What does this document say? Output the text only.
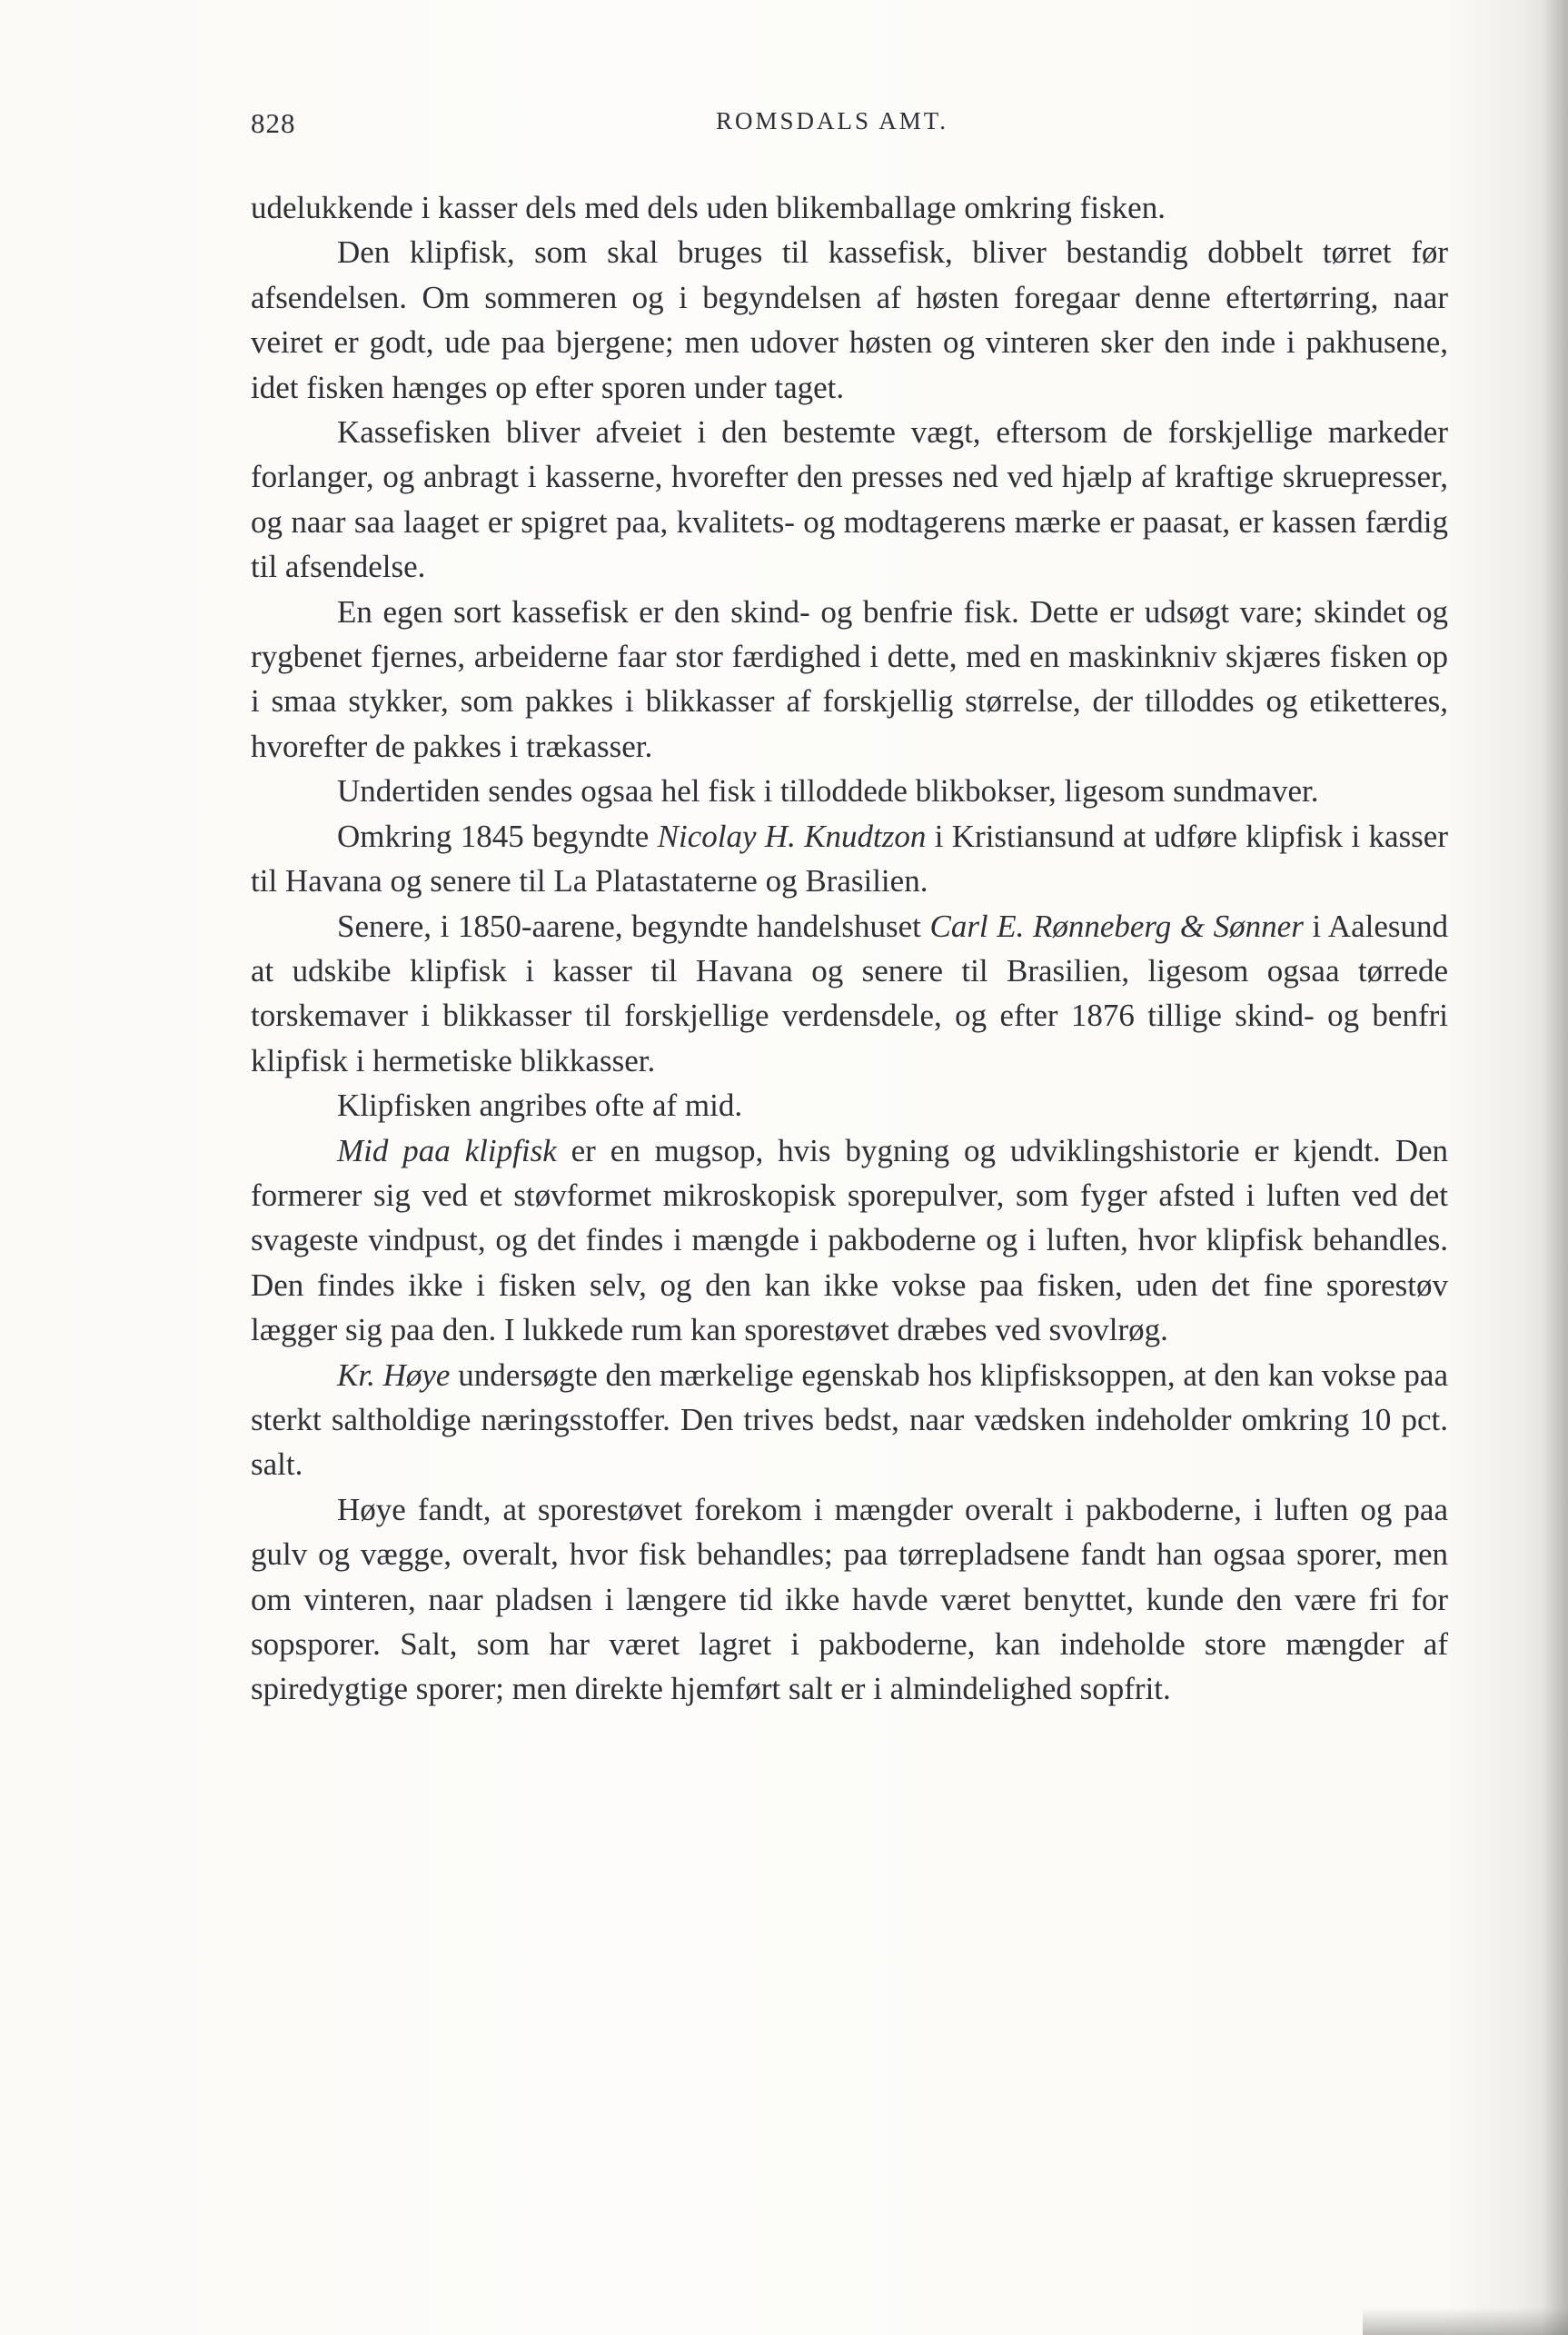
828	ROMSDALS AMT.

udelukkende i kasser dels med dels uden blikemballage omkring fisken.

Den klipfisk, som skal bruges til kassefisk, bliver bestandig dobbelt tørret før afsendelsen. Om sommeren og i begyndelsen af høsten foregaar denne eftertørring, naar veiret er godt, ude paa bjergene; men udover høsten og vinteren sker den inde i pakhusene, idet fisken hænges op efter sporen under taget.

Kassefisken bliver afveiet i den bestemte vægt, eftersom de forskjellige markeder forlanger, og anbragt i kasserne, hvorefter den presses ned ved hjælp af kraftige skruepresser, og naar saa laaget er spigret paa, kvalitets- og modtagerens mærke er paasat, er kassen færdig til afsendelse.

En egen sort kassefisk er den skind- og benfrie fisk. Dette er udsøgt vare; skindet og rygbenet fjernes, arbeiderne faar stor færdighed i dette, med en maskinkniv skjæres fisken op i smaa stykker, som pakkes i blikkasser af forskjellig størrelse, der tilloddes og etiketteres, hvorefter de pakkes i trækasser.

Undertiden sendes ogsaa hel fisk i tilloddede blikbokser, ligesom sundmaver.

Omkring 1845 begyndte Nicolay H. Knudtzon i Kristiansund at udføre klipfisk i kasser til Havana og senere til La Platastaterne og Brasilien.

Senere, i 1850-aarene, begyndte handelshuset Carl E. Rønneberg & Sønner i Aalesund at udskibe klipfisk i kasser til Havana og senere til Brasilien, ligesom ogsaa tørrede torskemaver i blikkasser til forskjellige verdensdele, og efter 1876 tillige skind- og benfri klipfisk i hermetiske blikkasser.

Klipfisken angribes ofte af mid.

Mid paa klipfisk er en mugsop, hvis bygning og udviklingshistorie er kjendt. Den formerer sig ved et støvformet mikroskopisk sporepulver, som fyger afsted i luften ved det svageste vindpust, og det findes i mængde i pakboderne og i luften, hvor klipfisk behandles. Den findes ikke i fisken selv, og den kan ikke vokse paa fisken, uden det fine sporestøv lægger sig paa den. I lukkede rum kan sporestøvet dræbes ved svovlrøg.

Kr. Høye undersøgte den mærkelige egenskab hos klipfisksoppen, at den kan vokse paa sterkt saltholdige næringsstoffer. Den trives bedst, naar vædsken indeholder omkring 10 pct. salt.

Høye fandt, at sporestøvet forekom i mængder overalt i pakboderne, i luften og paa gulv og vægge, overalt, hvor fisk behandles; paa tørrepladsene fandt han ogsaa sporer, men om vinteren, naar pladsen i længere tid ikke havde været benyttet, kunde den være fri for sopsporer. Salt, som har været lagret i pakboderne, kan indeholde store mængder af spiredygtige sporer; men direkte hjemført salt er i almindelighed sopfrit.
